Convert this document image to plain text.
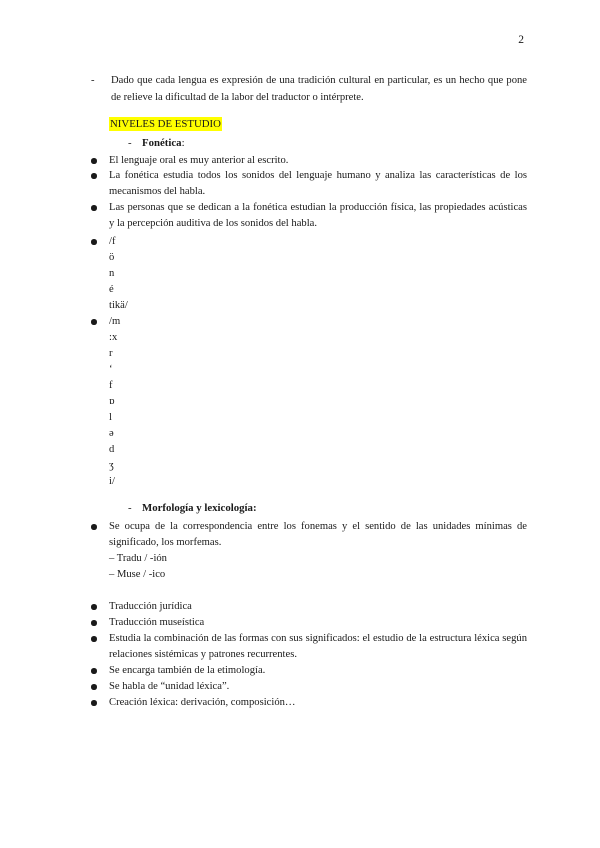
2
- Dado que cada lengua es expresión de una tradición cultural en particular, es un hecho que pone de relieve la dificultad de la labor del traductor o intérprete.
NIVELES DE ESTUDIO
- Fonética:
El lenguaje oral es muy anterior al escrito.
La fonética estudia todos los sonidos del lenguaje humano y analiza las características de los mecanismos del habla.
Las personas que se dedican a la fonética estudian la producción física, las propiedades acústicas y la percepción auditiva de los sonidos del habla.
/f
ö
n
é
tikä/
/m
:x
r
ʻ
f
ɒ
l
ə
d
ʒ
i/
- Morfología y lexicología:
Se ocupa de la correspondencia entre los fonemas y el sentido de las unidades mínimas de significado, los morfemas.
– Tradu / -ión
– Muse / -ico
Traducción jurídica
Traducción museística
Estudia la combinación de las formas con sus significados: el estudio de la estructura léxica según relaciones sistémicas y patrones recurrentes.
Se encarga también de la etimología.
Se habla de “unidad léxica”.
Creación léxica: derivación, composición…
